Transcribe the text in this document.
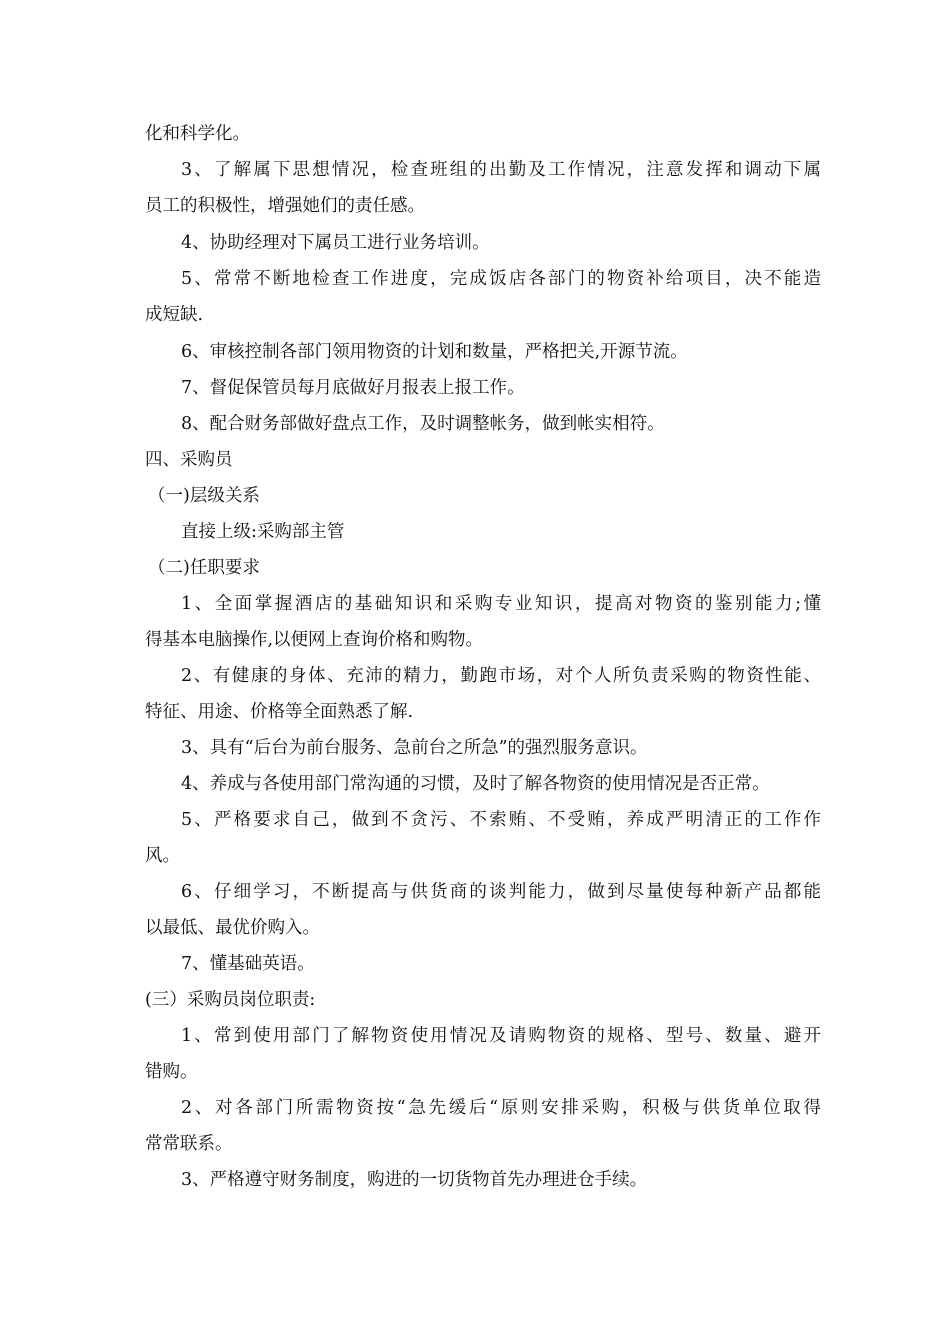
化和科学化。
3、了解属下思想情况，检查班组的出勤及工作情况，注意发挥和调动下属
员工的积极性，增强她们的责任感。
4、协助经理对下属员工进行业务培训。
5、常常不断地检查工作进度，完成饭店各部门的物资补给项目，决不能造
成短缺.
6、审核控制各部门领用物资的计划和数量，严格把关,开源节流。
7、督促保管员每月底做好月报表上报工作。
8、配合财务部做好盘点工作，及时调整帐务，做到帐实相符。
四、采购员
（一)层级关系
直接上级:采购部主管
（二)任职要求
1、全面掌握酒店的基础知识和采购专业知识，提高对物资的鉴别能力;懂
得基本电脑操作,以便网上查询价格和购物。
2、有健康的身体、充沛的精力，勤跑市场，对个人所负责采购的物资性能、
特征、用途、价格等全面熟悉了解.
3、具有“后台为前台服务、急前台之所急”的强烈服务意识。
4、养成与各使用部门常沟通的习惯，及时了解各物资的使用情况是否正常。
5、严格要求自己，做到不贪污、不索贿、不受贿，养成严明清正的工作作
风。
6、仔细学习，不断提高与供货商的谈判能力，做到尽量使每种新产品都能
以最低、最优价购入。
7、懂基础英语。
(三）采购员岗位职责:
1、常到使用部门了解物资使用情况及请购物资的规格、型号、数量、避开
错购。
2、对各部门所需物资按“急先缓后“原则安排采购，积极与供货单位取得
常常联系。
3、严格遵守财务制度，购进的一切货物首先办理进仓手续。
